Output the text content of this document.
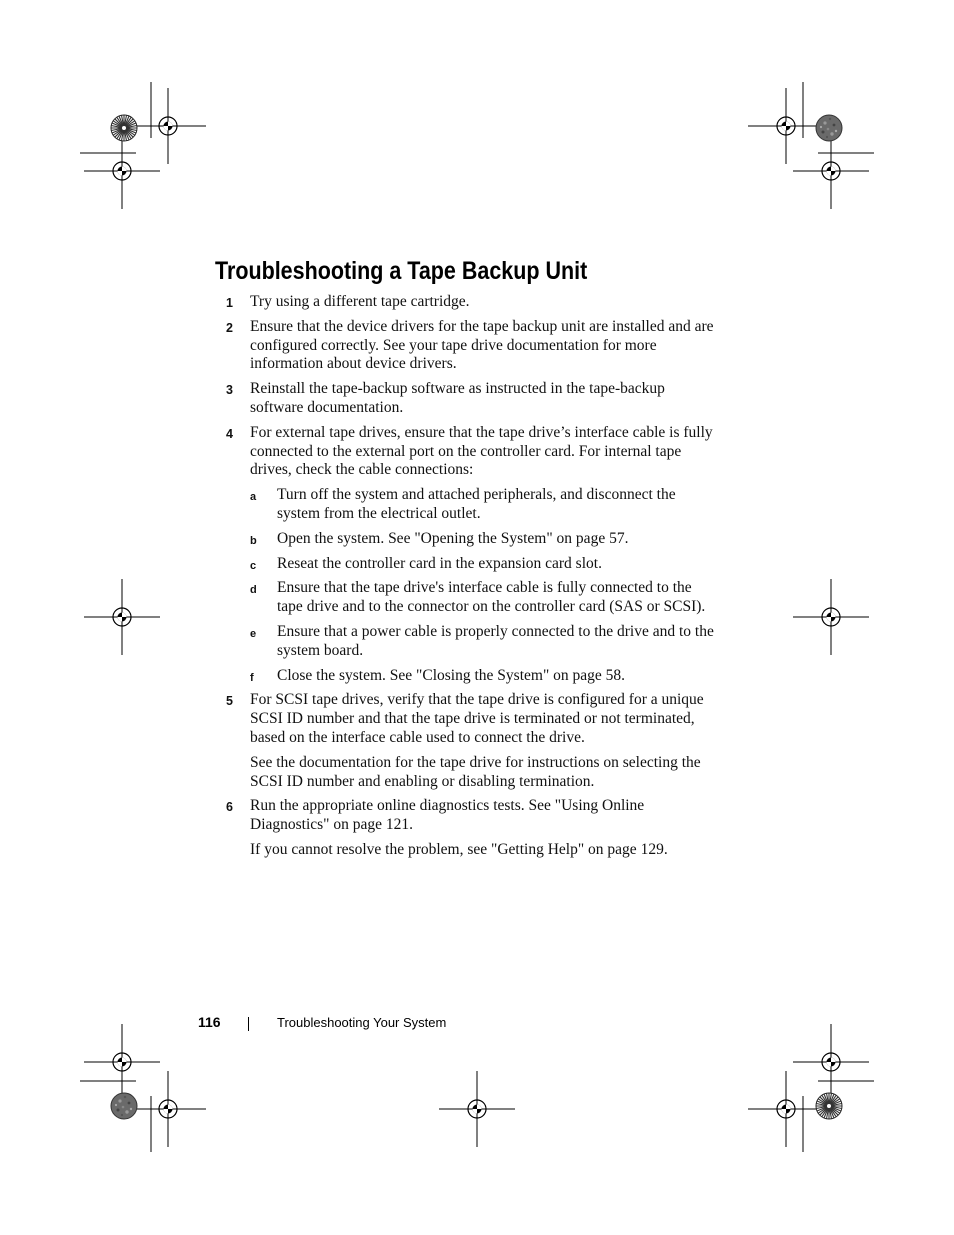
Troubleshooting a Tape Backup Unit
1 Try using a different tape cartridge.
2 Ensure that the device drivers for the tape backup unit are installed and are configured correctly. See your tape drive documentation for more information about device drivers.
3 Reinstall the tape-backup software as instructed in the tape-backup software documentation.
4 For external tape drives, ensure that the tape drive’s interface cable is fully connected to the external port on the controller card. For internal tape drives, check the cable connections:
a Turn off the system and attached peripherals, and disconnect the system from the electrical outlet.
b Open the system. See "Opening the System" on page 57.
c Reseat the controller card in the expansion card slot.
d Ensure that the tape drive's interface cable is fully connected to the tape drive and to the connector on the controller card (SAS or SCSI).
e Ensure that a power cable is properly connected to the drive and to the system board.
f Close the system. See "Closing the System" on page 58.
5 For SCSI tape drives, verify that the tape drive is configured for a unique SCSI ID number and that the tape drive is terminated or not terminated, based on the interface cable used to connect the drive.
See the documentation for the tape drive for instructions on selecting the SCSI ID number and enabling or disabling termination.
6 Run the appropriate online diagnostics tests. See "Using Online Diagnostics" on page 121.
If you cannot resolve the problem, see "Getting Help" on page 129.
116	Troubleshooting Your System
